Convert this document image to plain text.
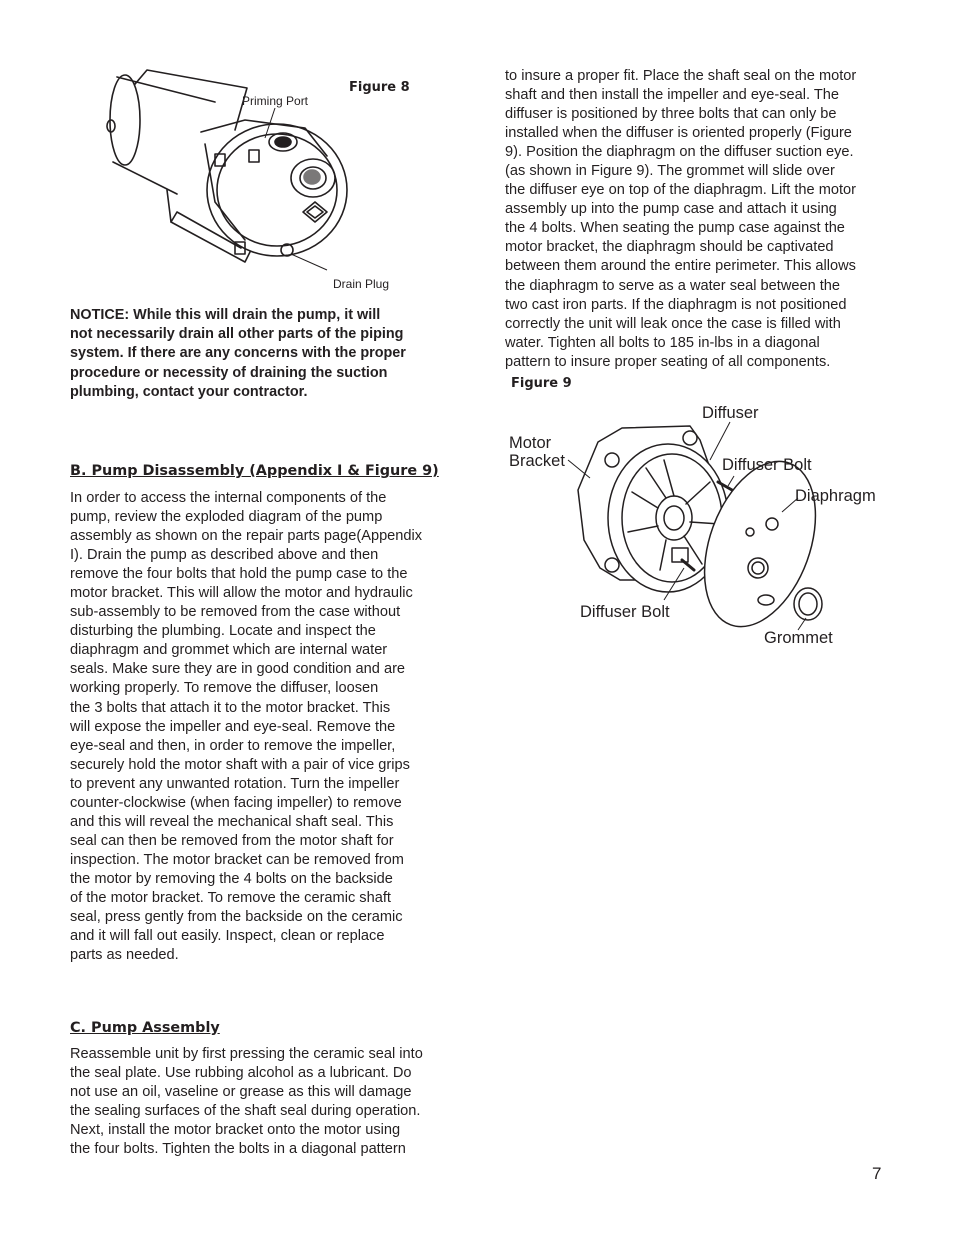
Priming Port
Figure 8
Drain Plug

NOTICE: While this will drain the pump, it will
not necessarily drain all other parts of the piping
system. If there are any concerns with the proper
procedure or necessity of draining the suction
plumbing, contact your contractor.

B. Pump Disassembly (Appendix I & Figure 9)

In order to access the internal components of the
pump, review the exploded diagram of the pump
assembly as shown on the repair parts page(Appendix
I). Drain the pump as described above and then
remove the four bolts that hold the pump case to the
motor bracket. This will allow the motor and hydraulic
sub-assembly to be removed from the case without
disturbing the plumbing. Locate and inspect the
diaphragm and grommet which are internal water
seals. Make sure they are in good condition and are
working properly. To remove the diffuser, loosen
the 3 bolts that attach it to the motor bracket. This
will expose the impeller and eye-seal. Remove the
eye-seal and then, in order to remove the impeller,
securely hold the motor shaft with a pair of vice grips
to prevent any unwanted rotation. Turn the impeller
counter-clockwise (when facing impeller) to remove
and this will reveal the mechanical shaft seal. This
seal can then be removed from the motor shaft for
inspection. The motor bracket can be removed from
the motor by removing the 4 bolts on the backside
of the motor bracket. To remove the ceramic shaft
seal, press gently from the backside on the ceramic
and it will fall out easily. Inspect, clean or replace
parts as needed.

C. Pump Assembly

Reassemble unit by first pressing the ceramic seal into
the seal plate. Use rubbing alcohol as a lubricant. Do
not use an oil, vaseline or grease as this will damage
the sealing surfaces of the shaft seal during operation.
Next, install the motor bracket onto the motor using
the four bolts. Tighten the bolts in a diagonal pattern

to insure a proper fit. Place the shaft seal on the motor
shaft and then install the impeller and eye-seal. The
diffuser is positioned by three bolts that can only be
installed when the diffuser is oriented properly (Figure
9). Position the diaphragm on the diffuser suction eye.
(as shown in Figure 9). The grommet will slide over
the diffuser eye on top of the diaphragm. Lift the motor
assembly up into the pump case and attach it using
the 4 bolts. When seating the pump case against the
motor bracket, the diaphragm should be captivated
between them around the entire perimeter. This allows
the diaphragm to serve as a water seal between the
two cast iron parts. If the diaphragm is not positioned
correctly the unit will leak once the case is filled with
water. Tighten all bolts to 185 in-lbs in a diagonal
pattern to insure proper seating of all components.

Figure 9
Diffuser
Motor
Bracket	Diffuser Bolt
Diaphragm
Diffuser Bolt
Grommet
7
